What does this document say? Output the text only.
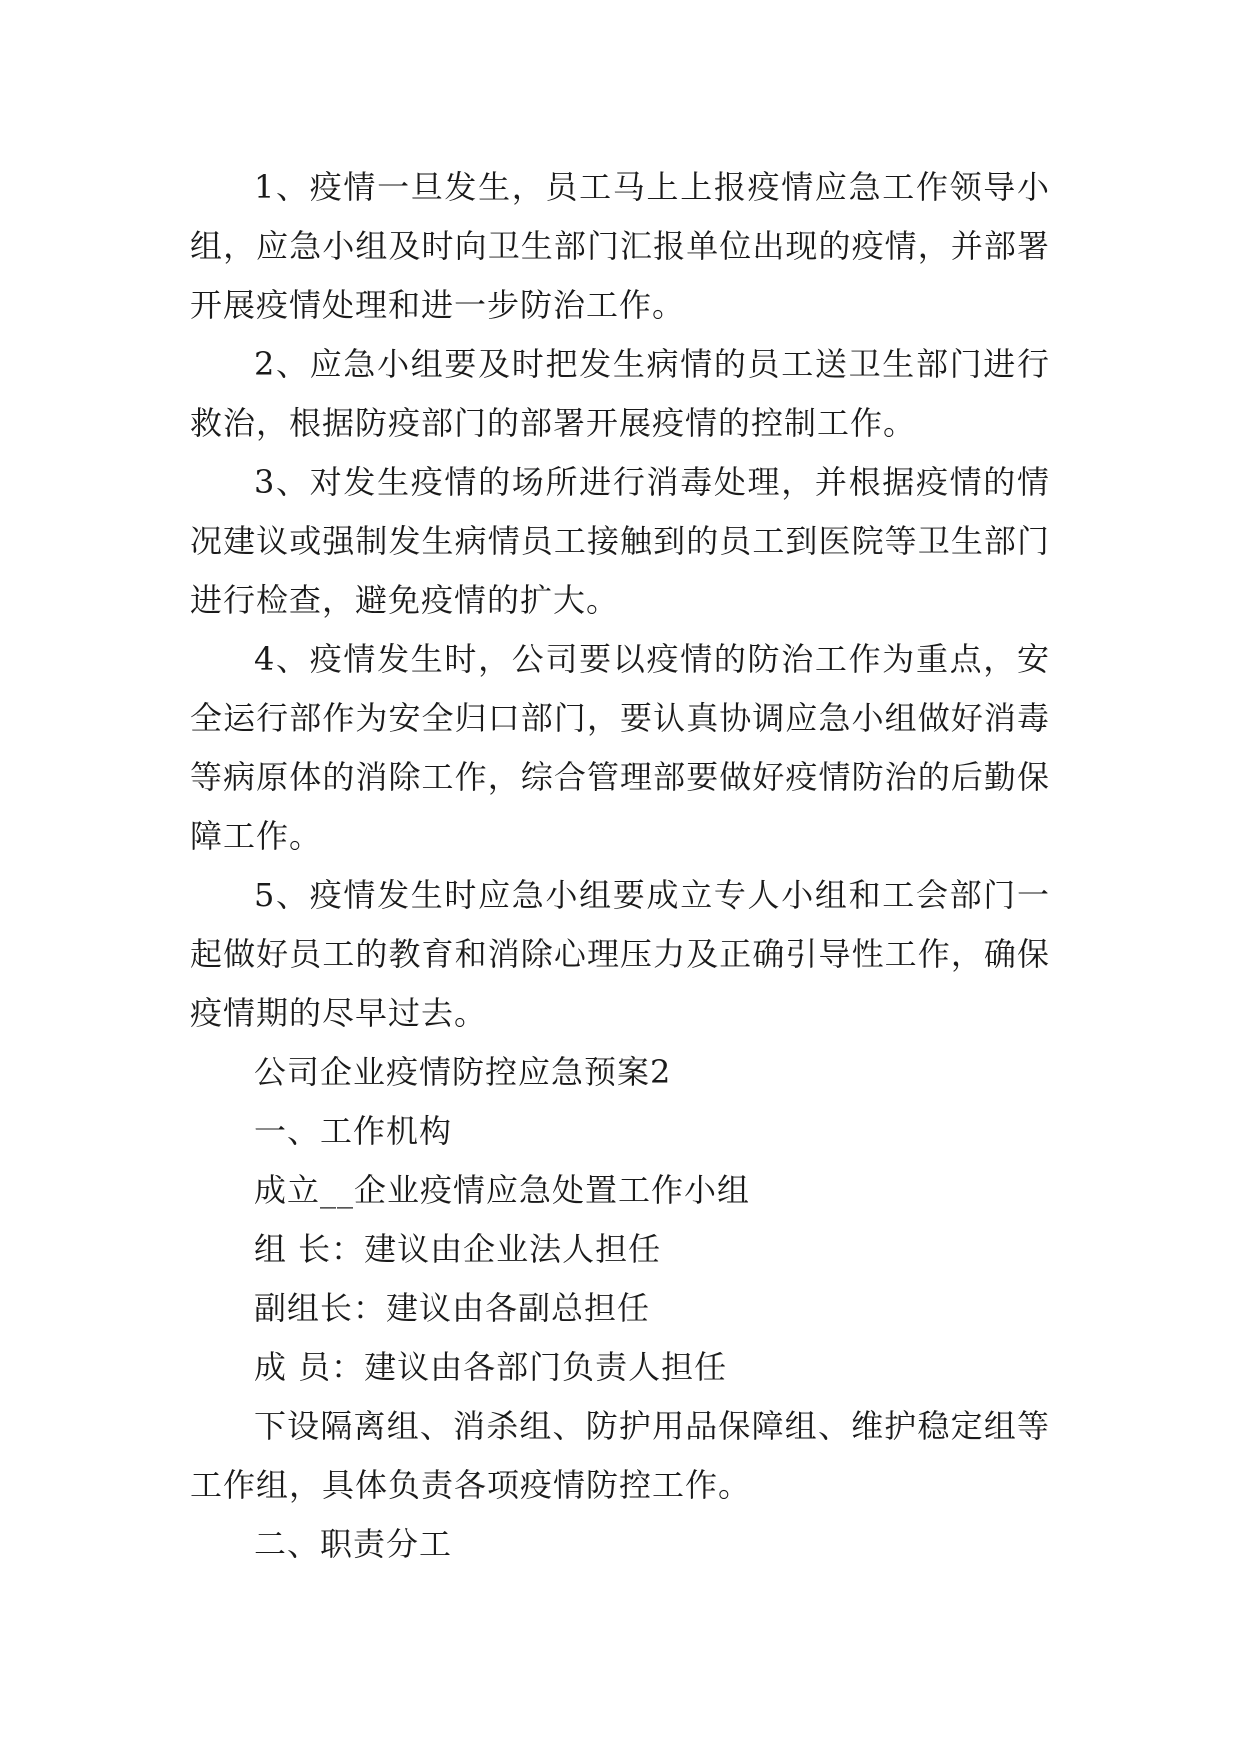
1、疫情一旦发生，员工马上上报疫情应急工作领导小组，应急小组及时向卫生部门汇报单位出现的疫情，并部署开展疫情处理和进一步防治工作。

2、应急小组要及时把发生病情的员工送卫生部门进行救治，根据防疫部门的部署开展疫情的控制工作。

3、对发生疫情的场所进行消毒处理，并根据疫情的情况建议或强制发生病情员工接触到的员工到医院等卫生部门进行检查，避免疫情的扩大。

4、疫情发生时，公司要以疫情的防治工作为重点，安全运行部作为安全归口部门，要认真协调应急小组做好消毒等病原体的消除工作，综合管理部要做好疫情防治的后勤保障工作。

5、疫情发生时应急小组要成立专人小组和工会部门一起做好员工的教育和消除心理压力及正确引导性工作，确保疫情期的尽早过去。

公司企业疫情防控应急预案2

一、工作机构

成立__企业疫情应急处置工作小组

组 长：建议由企业法人担任

副组长：建议由各副总担任

成 员：建议由各部门负责人担任

下设隔离组、消杀组、防护用品保障组、维护稳定组等工作组，具体负责各项疫情防控工作。

二、职责分工
